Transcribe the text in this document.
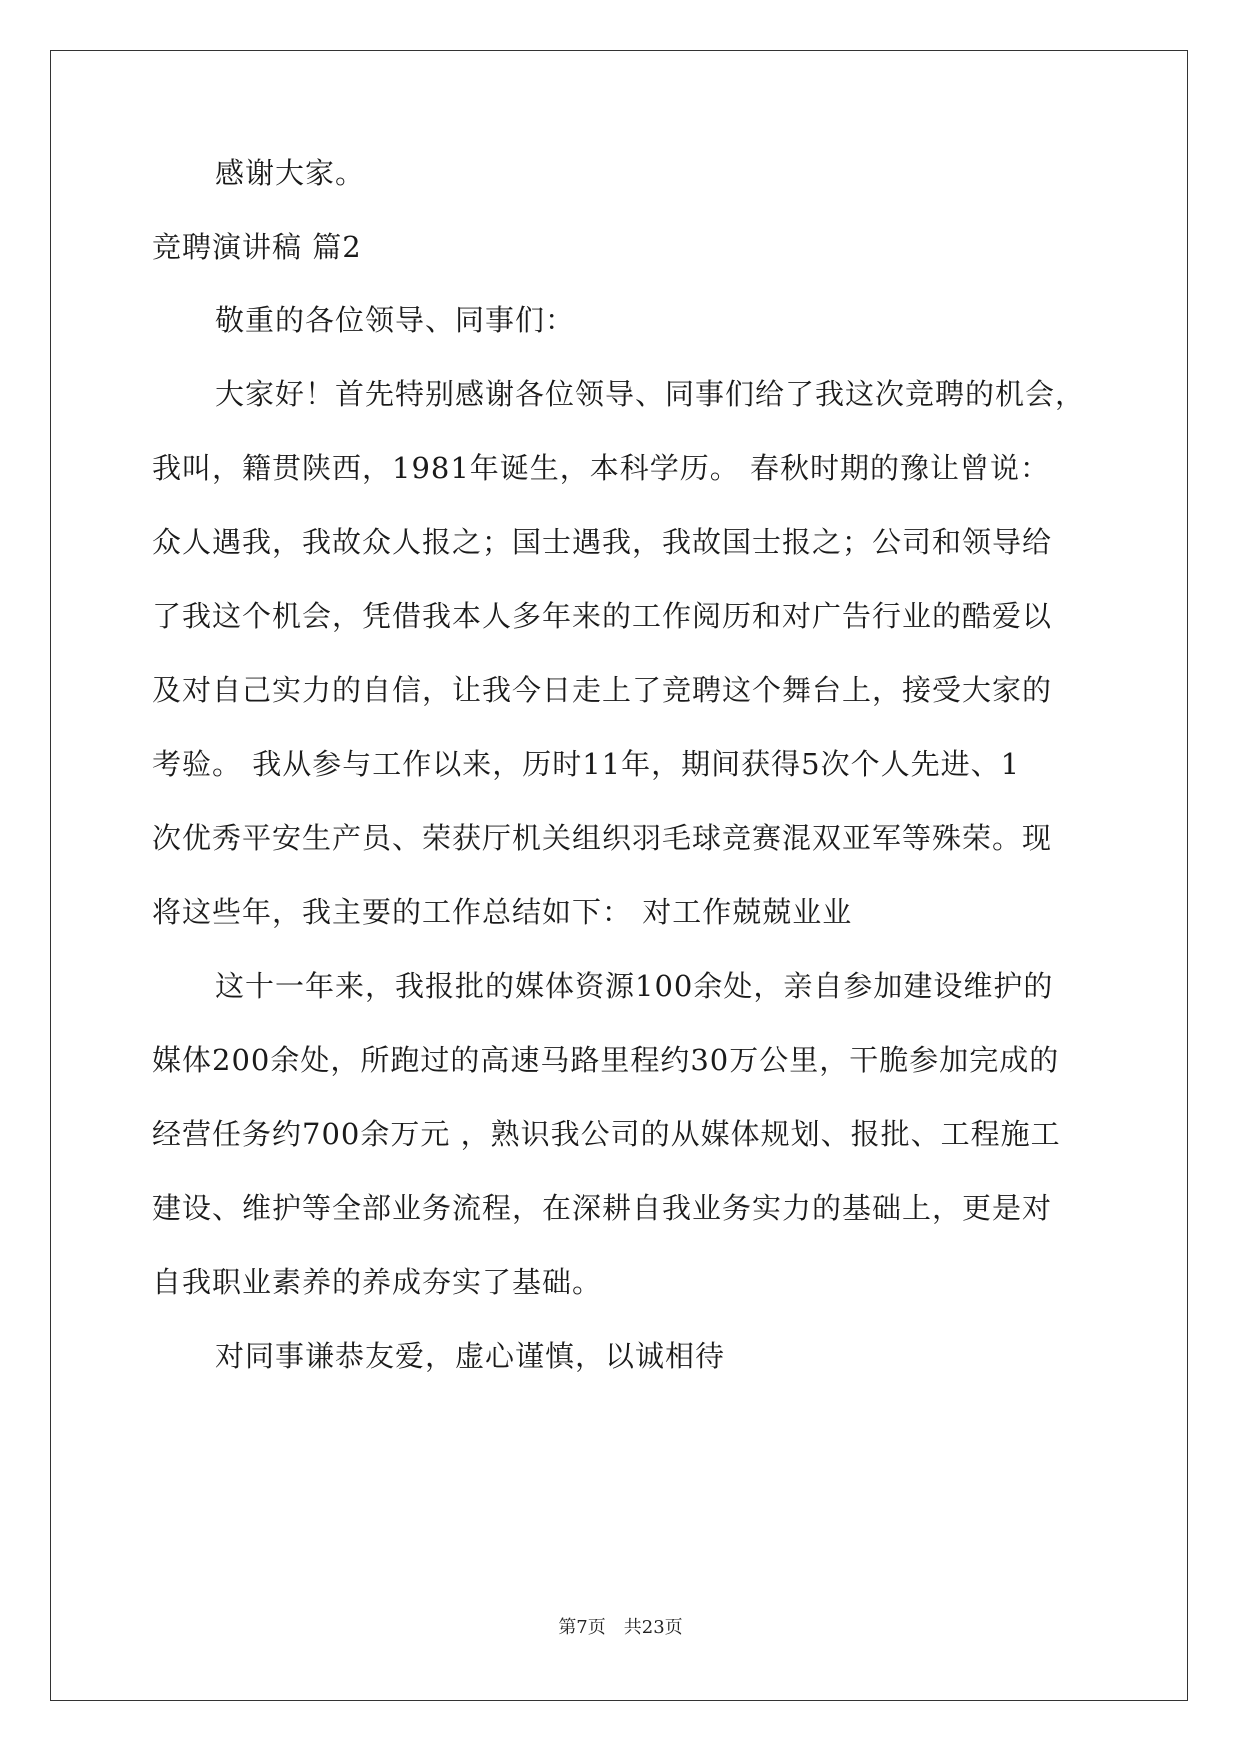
感谢大家。
竞聘演讲稿 篇2
敬重的各位领导、同事们：
大家好！首先特别感谢各位领导、同事们给了我这次竞聘的机会，
我叫，籍贯陕西，1981年诞生，本科学历。 春秋时期的豫让曾说：
众人遇我，我故众人报之；国士遇我，我故国士报之；公司和领导给
了我这个机会，凭借我本人多年来的工作阅历和对广告行业的酷爱以
及对自己实力的自信，让我今日走上了竞聘这个舞台上，接受大家的
考验。 我从参与工作以来，历时11年，期间获得5次个人先进、1
次优秀平安生产员、荣获厅机关组织羽毛球竞赛混双亚军等殊荣。现
将这些年，我主要的工作总结如下： 对工作兢兢业业
这十一年来，我报批的媒体资源100余处，亲自参加建设维护的
媒体200余处，所跑过的高速马路里程约30万公里，干脆参加完成的
经营任务约700余万元 ，熟识我公司的从媒体规划、报批、工程施工
建设、维护等全部业务流程，在深耕自我业务实力的基础上，更是对
自我职业素养的养成夯实了基础。
对同事谦恭友爱，虚心谨慎，以诚相待
第7页　共23页
